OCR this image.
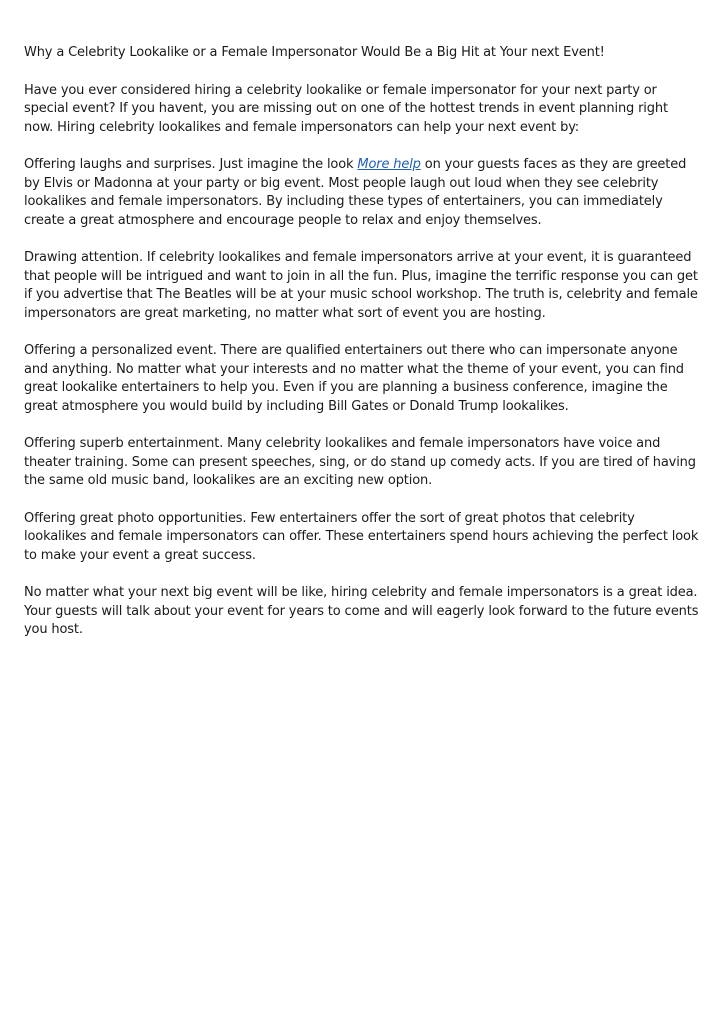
Why a Celebrity Lookalike or a Female Impersonator Would Be a Big Hit at Your next Event!

Have you ever considered hiring a celebrity lookalike or female impersonator for your next party or special event? If you havent, you are missing out on one of the hottest trends in event planning right now. Hiring celebrity lookalikes and female impersonators can help your next event by:

Offering laughs and surprises. Just imagine the look More help on your guests faces as they are greeted by Elvis or Madonna at your party or big event. Most people laugh out loud when they see celebrity lookalikes and female impersonators. By including these types of entertainers, you can immediately create a great atmosphere and encourage people to relax and enjoy themselves.

Drawing attention. If celebrity lookalikes and female impersonators arrive at your event, it is guaranteed that people will be intrigued and want to join in all the fun. Plus, imagine the terrific response you can get if you advertise that The Beatles will be at your music school workshop. The truth is, celebrity and female impersonators are great marketing, no matter what sort of event you are hosting.

Offering a personalized event. There are qualified entertainers out there who can impersonate anyone and anything. No matter what your interests and no matter what the theme of your event, you can find great lookalike entertainers to help you. Even if you are planning a business conference, imagine the great atmosphere you would build by including Bill Gates or Donald Trump lookalikes.

Offering superb entertainment. Many celebrity lookalikes and female impersonators have voice and theater training. Some can present speeches, sing, or do stand up comedy acts. If you are tired of having the same old music band, lookalikes are an exciting new option.

Offering great photo opportunities. Few entertainers offer the sort of great photos that celebrity lookalikes and female impersonators can offer. These entertainers spend hours achieving the perfect look to make your event a great success.

No matter what your next big event will be like, hiring celebrity and female impersonators is a great idea. Your guests will talk about your event for years to come and will eagerly look forward to the future events you host.
